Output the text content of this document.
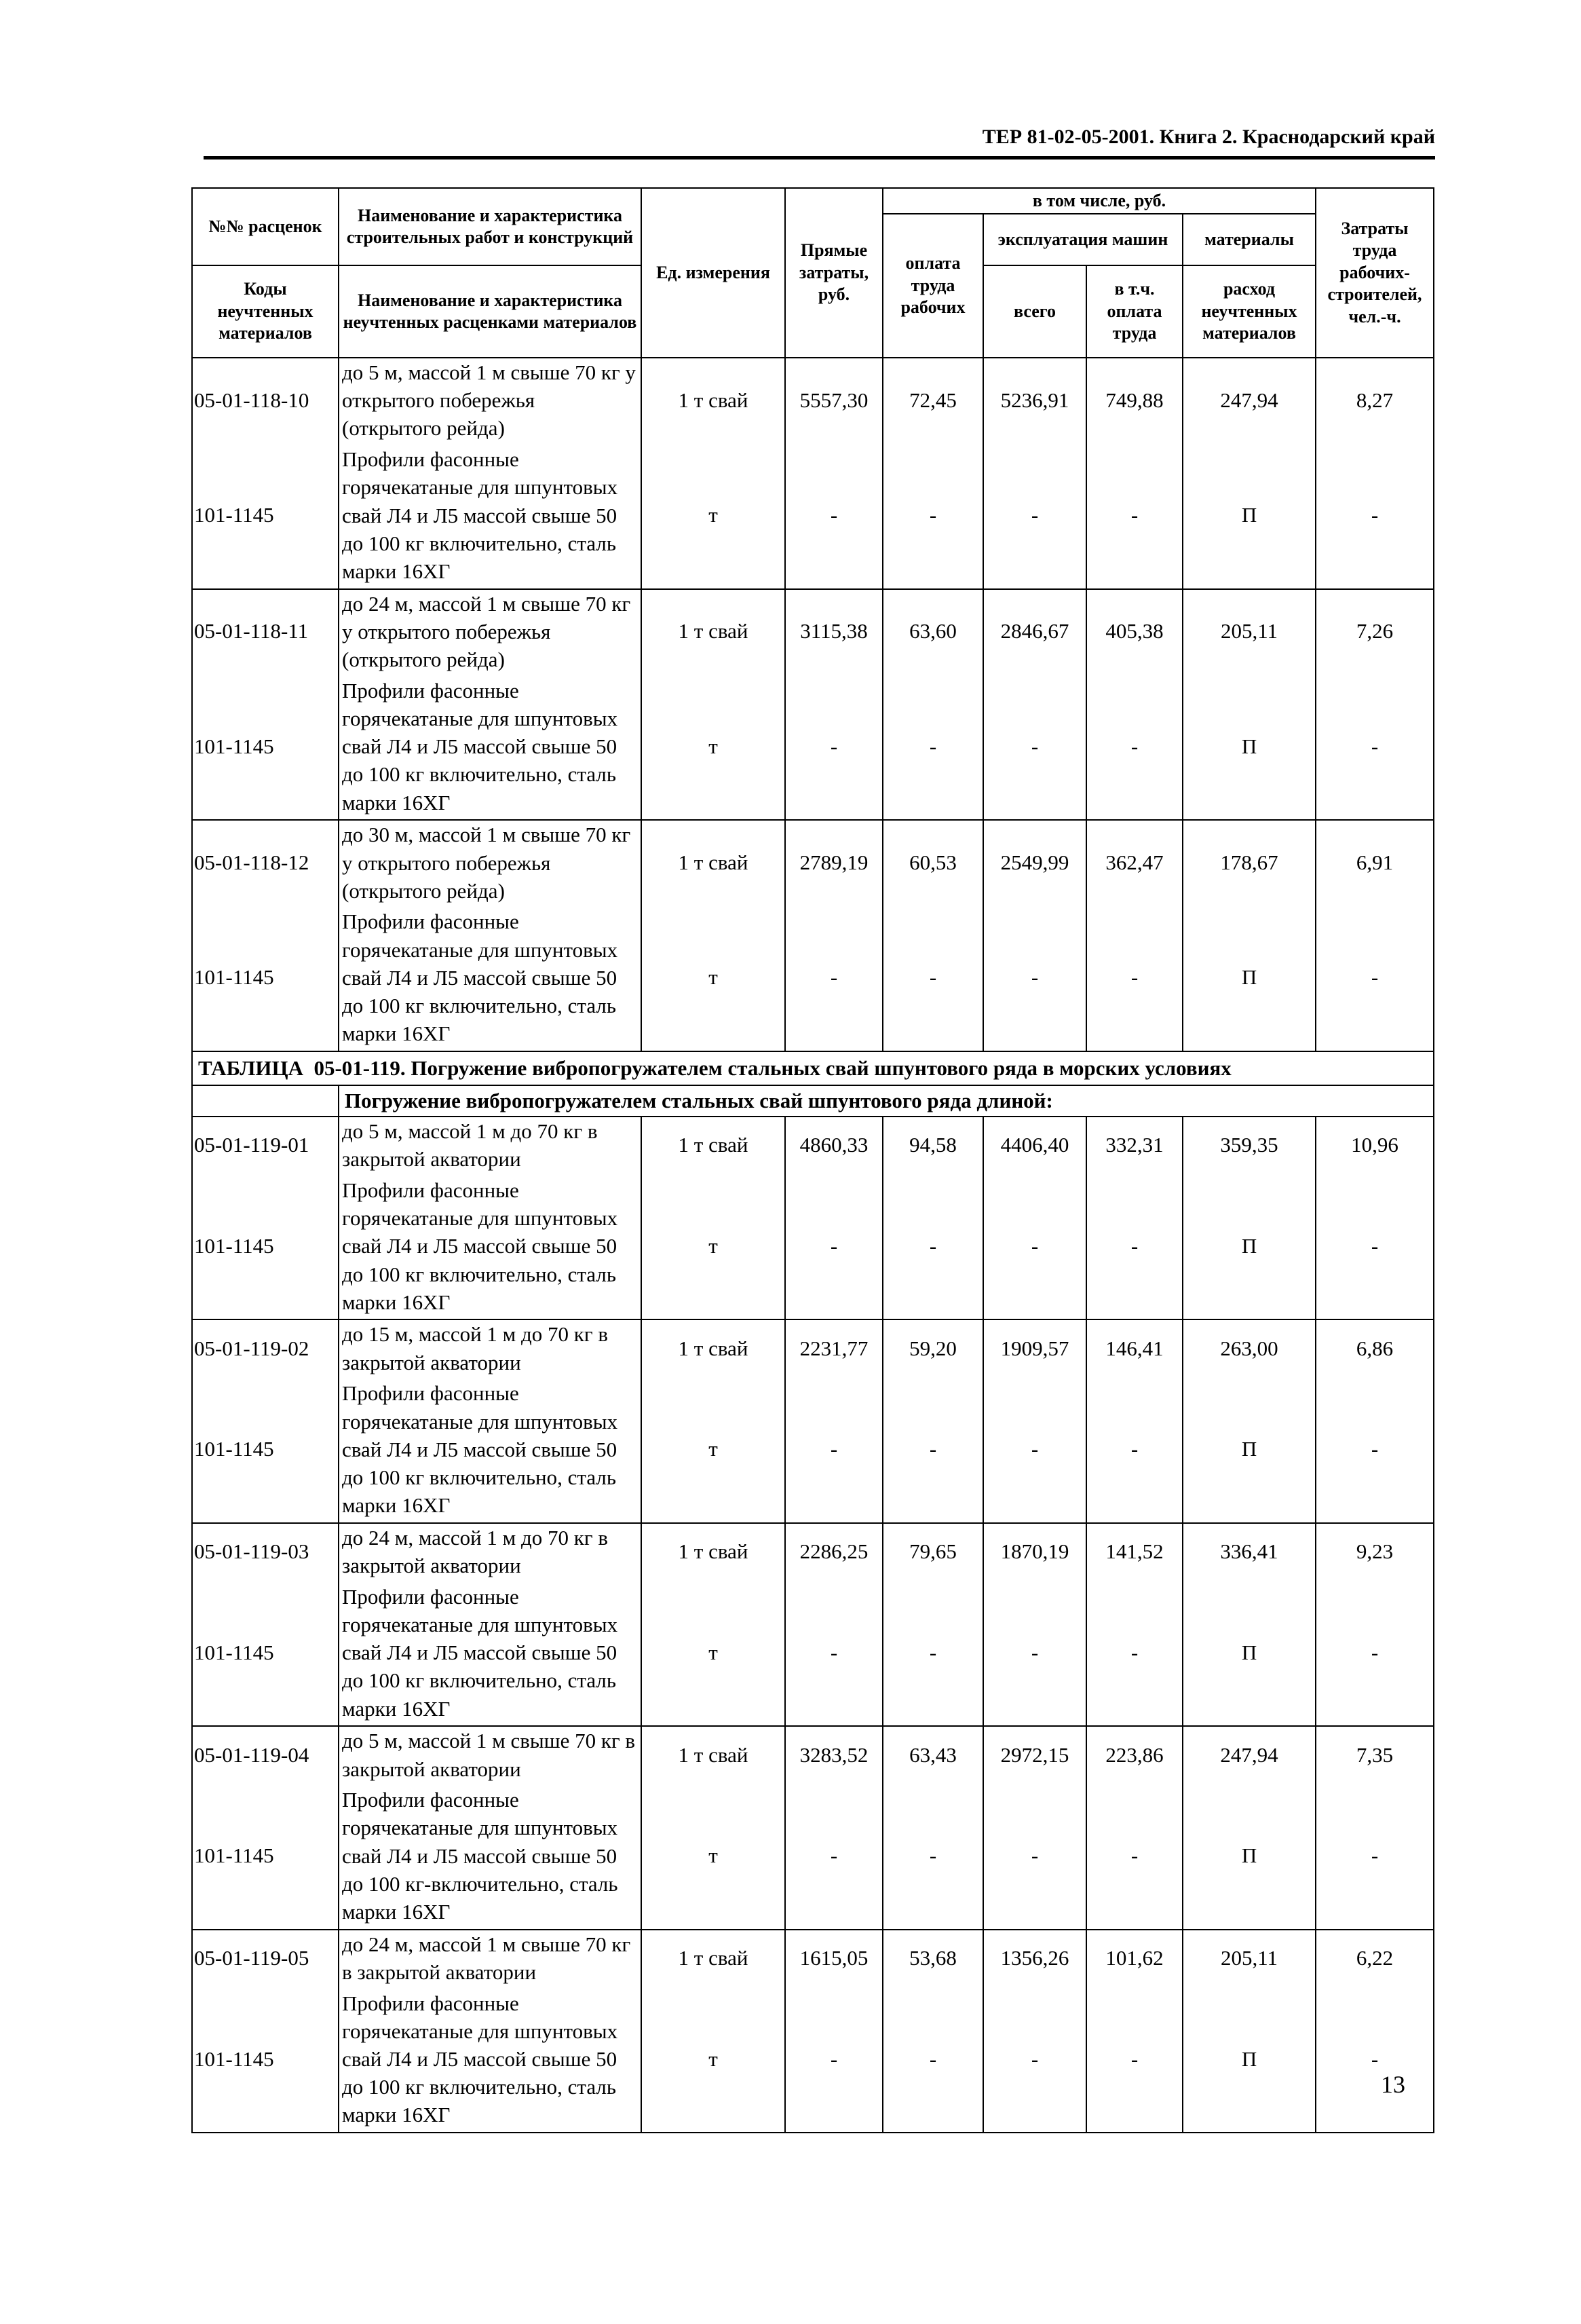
ТЕР 81-02-05-2001. Книга 2. Краснодарский край
№№ расценок	Наименование и характеристика строительных работ и конструкций	Ед. измерения	Прямые затраты, руб.	в том числе, руб.				Затраты труда рабочих-строителей, чел.-ч.
				оплата труда рабочих	эксплуатация машин		материалы	
Коды неучтенных материалов	Наименование и характеристика неучтенных расценками материалов				всего	в т.ч. оплата труда	расход неучтенных материалов	
05-01-118-10	до 5 м, массой 1 м свыше 70 кг у открытого побережья (открытого рейда)	1 т свай	5557,30	72,45	5236,91	749,88	247,94	8,27
101-1145	Профили фасонные горячекатаные для шпунтовых свай Л4 и Л5 массой свыше 50 до 100 кг включительно, сталь марки 16ХГ	т	-	-	-	-	П	-
05-01-118-11	до 24 м, массой 1 м свыше 70 кг у открытого побережья (открытого рейда)	1 т свай	3115,38	63,60	2846,67	405,38	205,11	7,26
101-1145	Профили фасонные горячекатаные для шпунтовых свай Л4 и Л5 массой свыше 50 до 100 кг включительно, сталь марки 16ХГ	т	-	-	-	-	П	-
05-01-118-12	до 30 м, массой 1 м свыше 70 кг у открытого побережья (открытого рейда)	1 т свай	2789,19	60,53	2549,99	362,47	178,67	6,91
101-1145	Профили фасонные горячекатаные для шпунтовых свай Л4 и Л5 массой свыше 50 до 100 кг включительно, сталь марки 16ХГ	т	-	-	-	-	П	-
ТАБЛИЦА 05-01-119. Погружение вибропогружателем стальных свай шпунтового ряда в морских условиях								
	Погружение вибропогружателем стальных свай шпунтового ряда длиной:							
05-01-119-01	до 5 м, массой 1 м до 70 кг в закрытой акватории	1 т свай	4860,33	94,58	4406,40	332,31	359,35	10,96
101-1145	Профили фасонные горячекатаные для шпунтовых свай Л4 и Л5 массой свыше 50 до 100 кг включительно, сталь марки 16ХГ	т	-	-	-	-	П	-
05-01-119-02	до 15 м, массой 1 м до 70 кг в закрытой акватории	1 т свай	2231,77	59,20	1909,57	146,41	263,00	6,86
101-1145	Профили фасонные горячекатаные для шпунтовых свай Л4 и Л5 массой свыше 50 до 100 кг включительно, сталь марки 16ХГ	т	-	-	-	-	П	-
05-01-119-03	до 24 м, массой 1 м до 70 кг в закрытой акватории	1 т свай	2286,25	79,65	1870,19	141,52	336,41	9,23
101-1145	Профили фасонные горячекатаные для шпунтовых свай Л4 и Л5 массой свыше 50 до 100 кг включительно, сталь марки 16ХГ	т	-	-	-	-	П	-
05-01-119-04	до 5 м, массой 1 м свыше 70 кг в закрытой акватории	1 т свай	3283,52	63,43	2972,15	223,86	247,94	7,35
101-1145	Профили фасонные горячекатаные для шпунтовых свай Л4 и Л5 массой свыше 50 до 100 кг-включительно, сталь марки 16ХГ	т	-	-	-	-	П	-
05-01-119-05	до 24 м, массой 1 м свыше 70 кг в закрытой акватории	1 т свай	1615,05	53,68	1356,26	101,62	205,11	6,22
101-1145	Профили фасонные горячекатаные для шпунтовых свай Л4 и Л5 массой свыше 50 до 100 кг включительно, сталь марки 16ХГ	т	-	-	-	-	П	-
13
